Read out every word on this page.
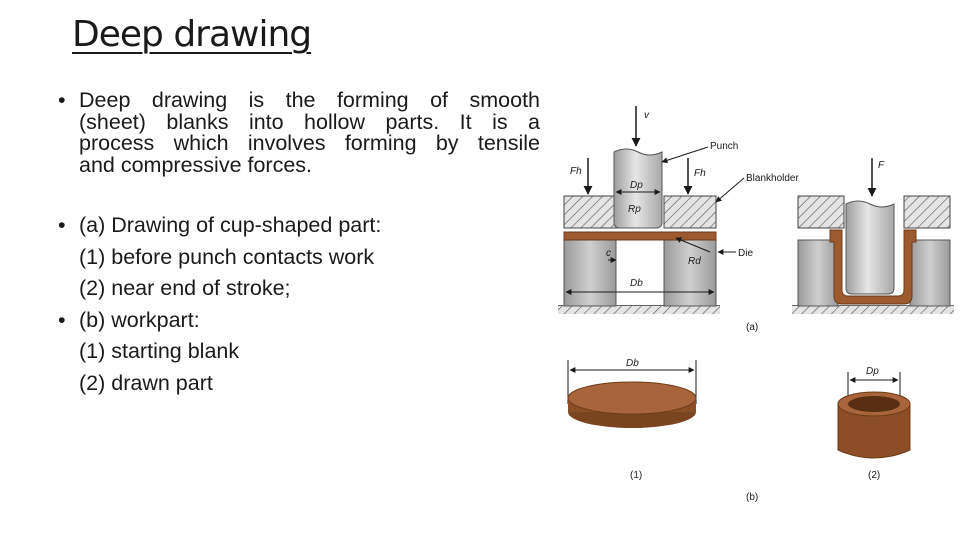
Deep drawing
• Deep drawing is the forming of smooth
(sheet) blanks into hollow parts. It is a
process which involves forming by tensile
and compressive forces.
• (a) Drawing of cup-shaped part:
(1) before punch contacts work
(2) near end of stroke;
• (b) workpart:
(1) starting blank
(2) drawn part
v
Punch
Fh	Fh	Blankholder
F
Dp
Rp
c
Rd
Die
Db
(a)
Db
Dp
(1)	(2)
(b)
